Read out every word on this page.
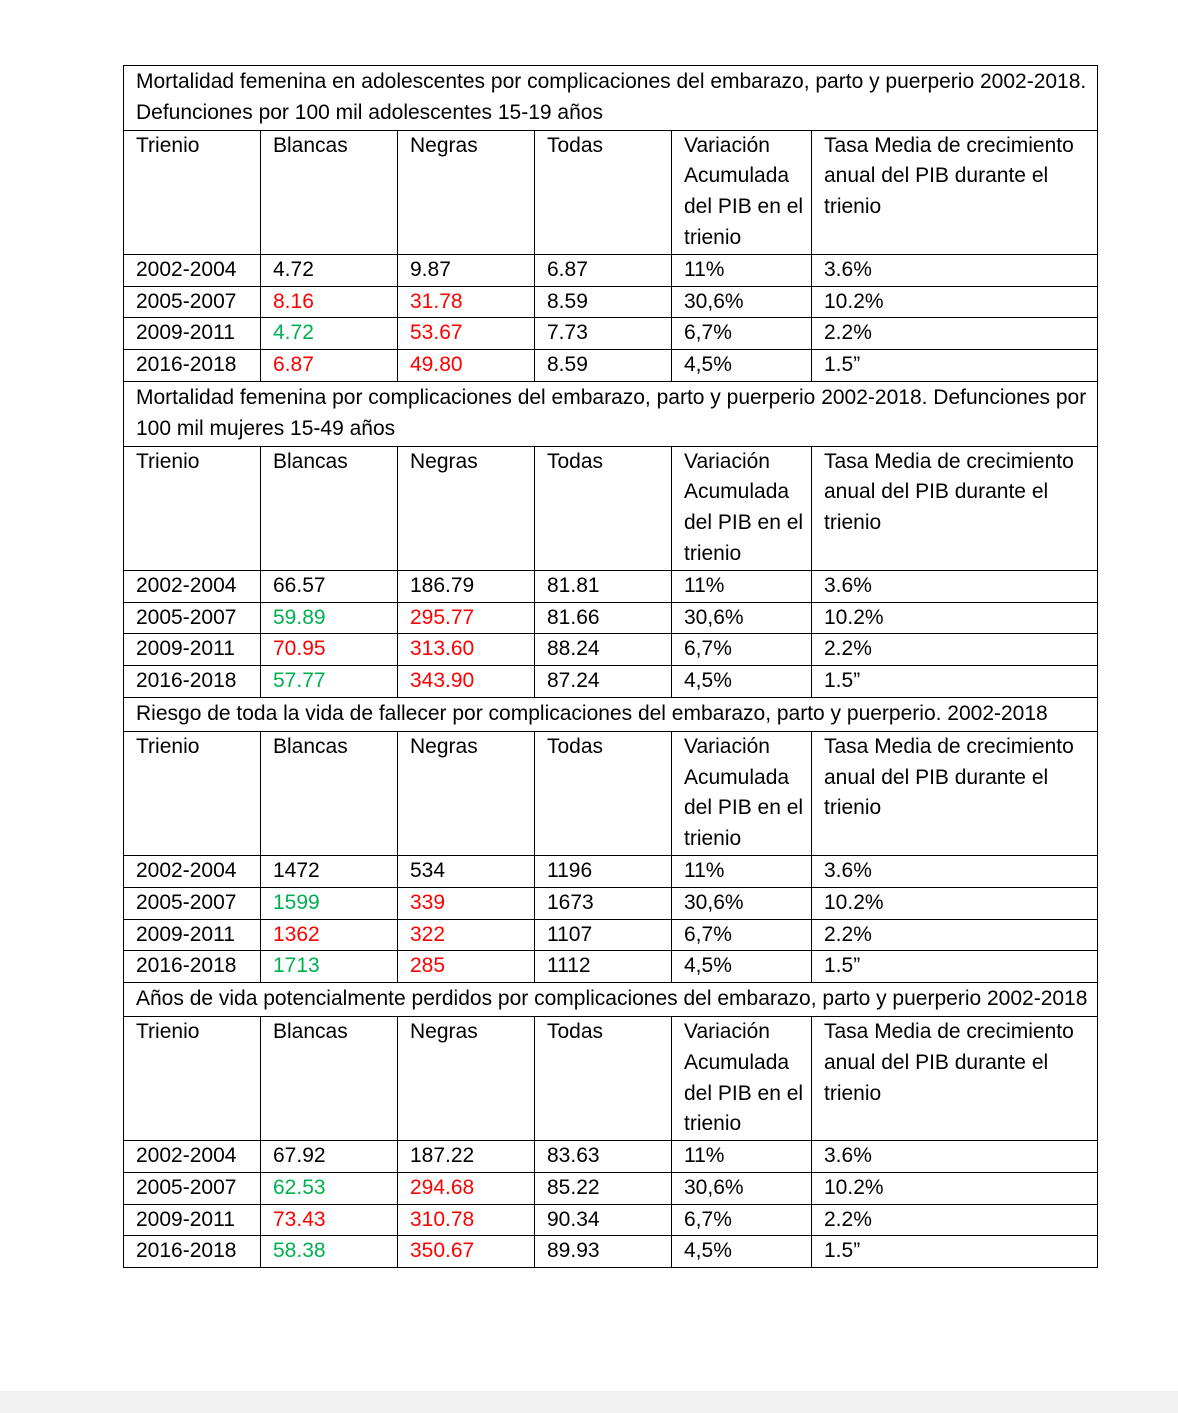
Mortalidad femenina en adolescentes por complicaciones del embarazo, parto y puerperio 2002-2018. Defunciones por 100 mil adolescentes 15-19 años					
Trienio	Blancas	Negras	Todas	Variación Acumulada del PIB en el trienio	Tasa Media de crecimiento anual del PIB durante el trienio
2002-2004	4.72	9.87	6.87	11%	3.6%
2005-2007	8.16	31.78	8.59	30,6%	10.2%
2009-2011	4.72	53.67	7.73	6,7%	2.2%
2016-2018	6.87	49.80	8.59	4,5%	1.5”
Mortalidad femenina por complicaciones del embarazo, parto y puerperio 2002-2018. Defunciones por 100 mil mujeres 15-49 años					
Trienio	Blancas	Negras	Todas	Variación Acumulada del PIB en el trienio	Tasa Media de crecimiento anual del PIB durante el trienio
2002-2004	66.57	186.79	81.81	11%	3.6%
2005-2007	59.89	295.77	81.66	30,6%	10.2%
2009-2011	70.95	313.60	88.24	6,7%	2.2%
2016-2018	57.77	343.90	87.24	4,5%	1.5”
Riesgo de toda la vida de fallecer por complicaciones del embarazo, parto y puerperio. 2002-2018					
Trienio	Blancas	Negras	Todas	Variación Acumulada del PIB en el trienio	Tasa Media de crecimiento anual del PIB durante el trienio
2002-2004	1472	534	1196	11%	3.6%
2005-2007	1599	339	1673	30,6%	10.2%
2009-2011	1362	322	1107	6,7%	2.2%
2016-2018	1713	285	1112	4,5%	1.5”
Años de vida potencialmente perdidos por complicaciones del embarazo, parto y puerperio 2002-2018					
Trienio	Blancas	Negras	Todas	Variación Acumulada del PIB en el trienio	Tasa Media de crecimiento anual del PIB durante el trienio
2002-2004	67.92	187.22	83.63	11%	3.6%
2005-2007	62.53	294.68	85.22	30,6%	10.2%
2009-2011	73.43	310.78	90.34	6,7%	2.2%
2016-2018	58.38	350.67	89.93	4,5%	1.5”
